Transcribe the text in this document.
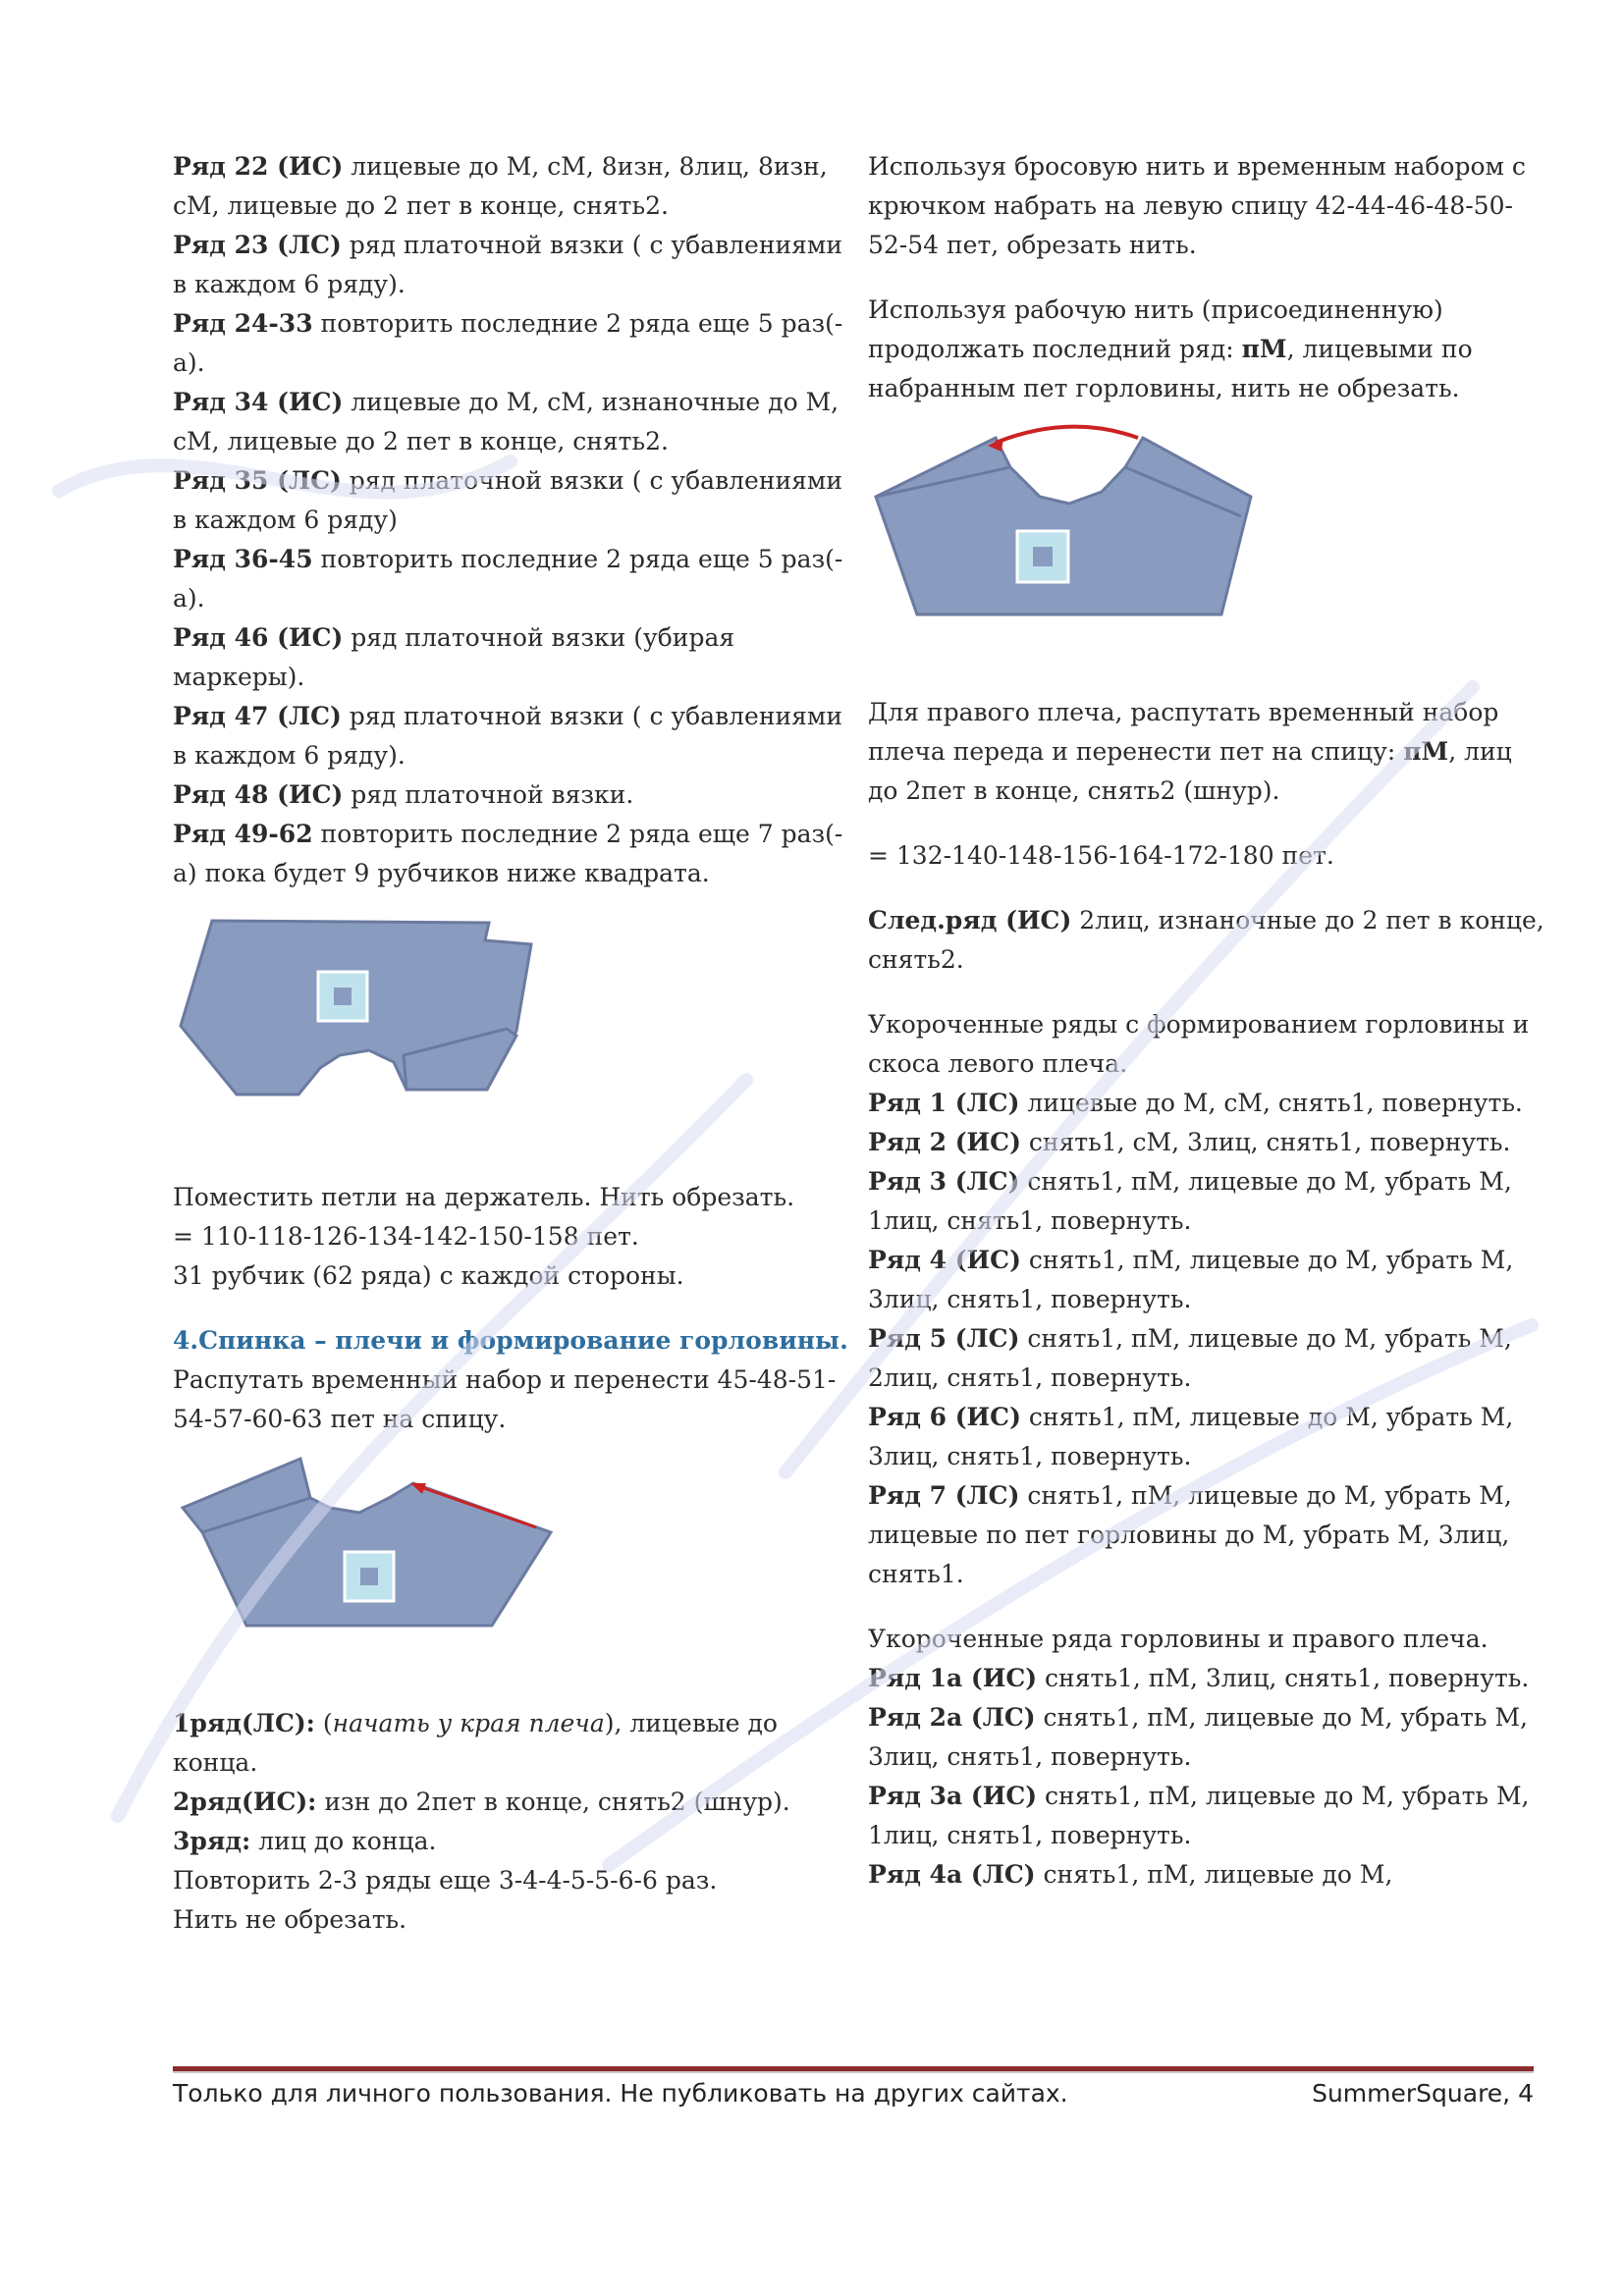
Ряд 22 (ИС) лицевые до М, сМ, 8изн, 8лиц, 8изн, сМ, лицевые до 2 пет в конце, снять2.

Ряд 23 (ЛС) ряд платочной вязки ( с убавлениями в каждом 6 ряду).

Ряд 24-33 повторить последние 2 ряда еще 5 раз(-а).

Ряд 34 (ИС) лицевые до М, сМ, изнаночные до М, сМ, лицевые до 2 пет в конце, снять2.

Ряд 35 (ЛС) ряд платочной вязки ( с убавлениями в каждом 6 ряду)

Ряд 36-45 повторить последние 2 ряда еще 5 раз(-а).

Ряд 46 (ИС) ряд платочной вязки (убирая маркеры).

Ряд 47 (ЛС) ряд платочной вязки ( с убавлениями в каждом 6 ряду).

Ряд 48 (ИС) ряд платочной вязки.

Ряд 49-62 повторить последние 2 ряда еще 7 раз(-а) пока будет 9 рубчиков ниже квадрата.

Поместить петли на держатель. Нить обрезать.

= 110-118-126-134-142-150-158 пет.

31 рубчик (62 ряда) с каждой стороны.

4.Спинка – плечи и формирование горловины.

Распутать временный набор и перенести 45-48-51-54-57-60-63 пет на спицу.

1ряд(ЛС): (начать у края плеча), лицевые до конца.

2ряд(ИС): изн до 2пет в конце, снять2 (шнур).

3ряд: лиц до конца.

Повторить 2-3 ряды еще 3-4-4-5-5-6-6 раз.

Нить не обрезать.

Используя бросовую нить и временным набором с крючком набрать на левую спицу 42-44-46-48-50-52-54 пет, обрезать нить.

Используя рабочую нить (присоединенную) продолжать последний ряд: пМ, лицевыми по набранным пет горловины, нить не обрезать.

Для правого плеча, распутать временный набор плеча переда и перенести пет на спицу: пМ, лиц до 2пет в конце, снять2 (шнур).

= 132-140-148-156-164-172-180 пет.

След.ряд (ИС) 2лиц, изнаночные до 2 пет в конце, снять2.

Укороченные ряды с формированием горловины и скоса левого плеча.

Ряд 1 (ЛС) лицевые до М, сМ, снять1, повернуть.

Ряд 2 (ИС) снять1, сМ, 3лиц, снять1, повернуть.

Ряд 3 (ЛС) снять1, пМ, лицевые до М, убрать М, 1лиц, снять1, повернуть.

Ряд 4 (ИС) снять1, пМ, лицевые до М, убрать М, 3лиц, снять1, повернуть.

Ряд 5 (ЛС) снять1, пМ, лицевые до М, убрать М, 2лиц, снять1, повернуть.

Ряд 6 (ИС) снять1, пМ, лицевые до М, убрать М, 3лиц, снять1, повернуть.

Ряд 7 (ЛС) снять1, пМ, лицевые до М, убрать М, лицевые по пет горловины до М, убрать М, 3лиц, снять1.

Укороченные ряда горловины и правого плеча.

Ряд 1а (ИС) снять1, пМ, 3лиц, снять1, повернуть.

Ряд 2а (ЛС) снять1, пМ, лицевые до М, убрать М, 3лиц, снять1, повернуть.

Ряд 3а (ИС) снять1, пМ, лицевые до М, убрать М, 1лиц, снять1, повернуть.

Ряд 4а (ЛС) снять1, пМ, лицевые до М,

Только для личного пользования. Не публиковать на других сайтах.	SummerSquare, 4
